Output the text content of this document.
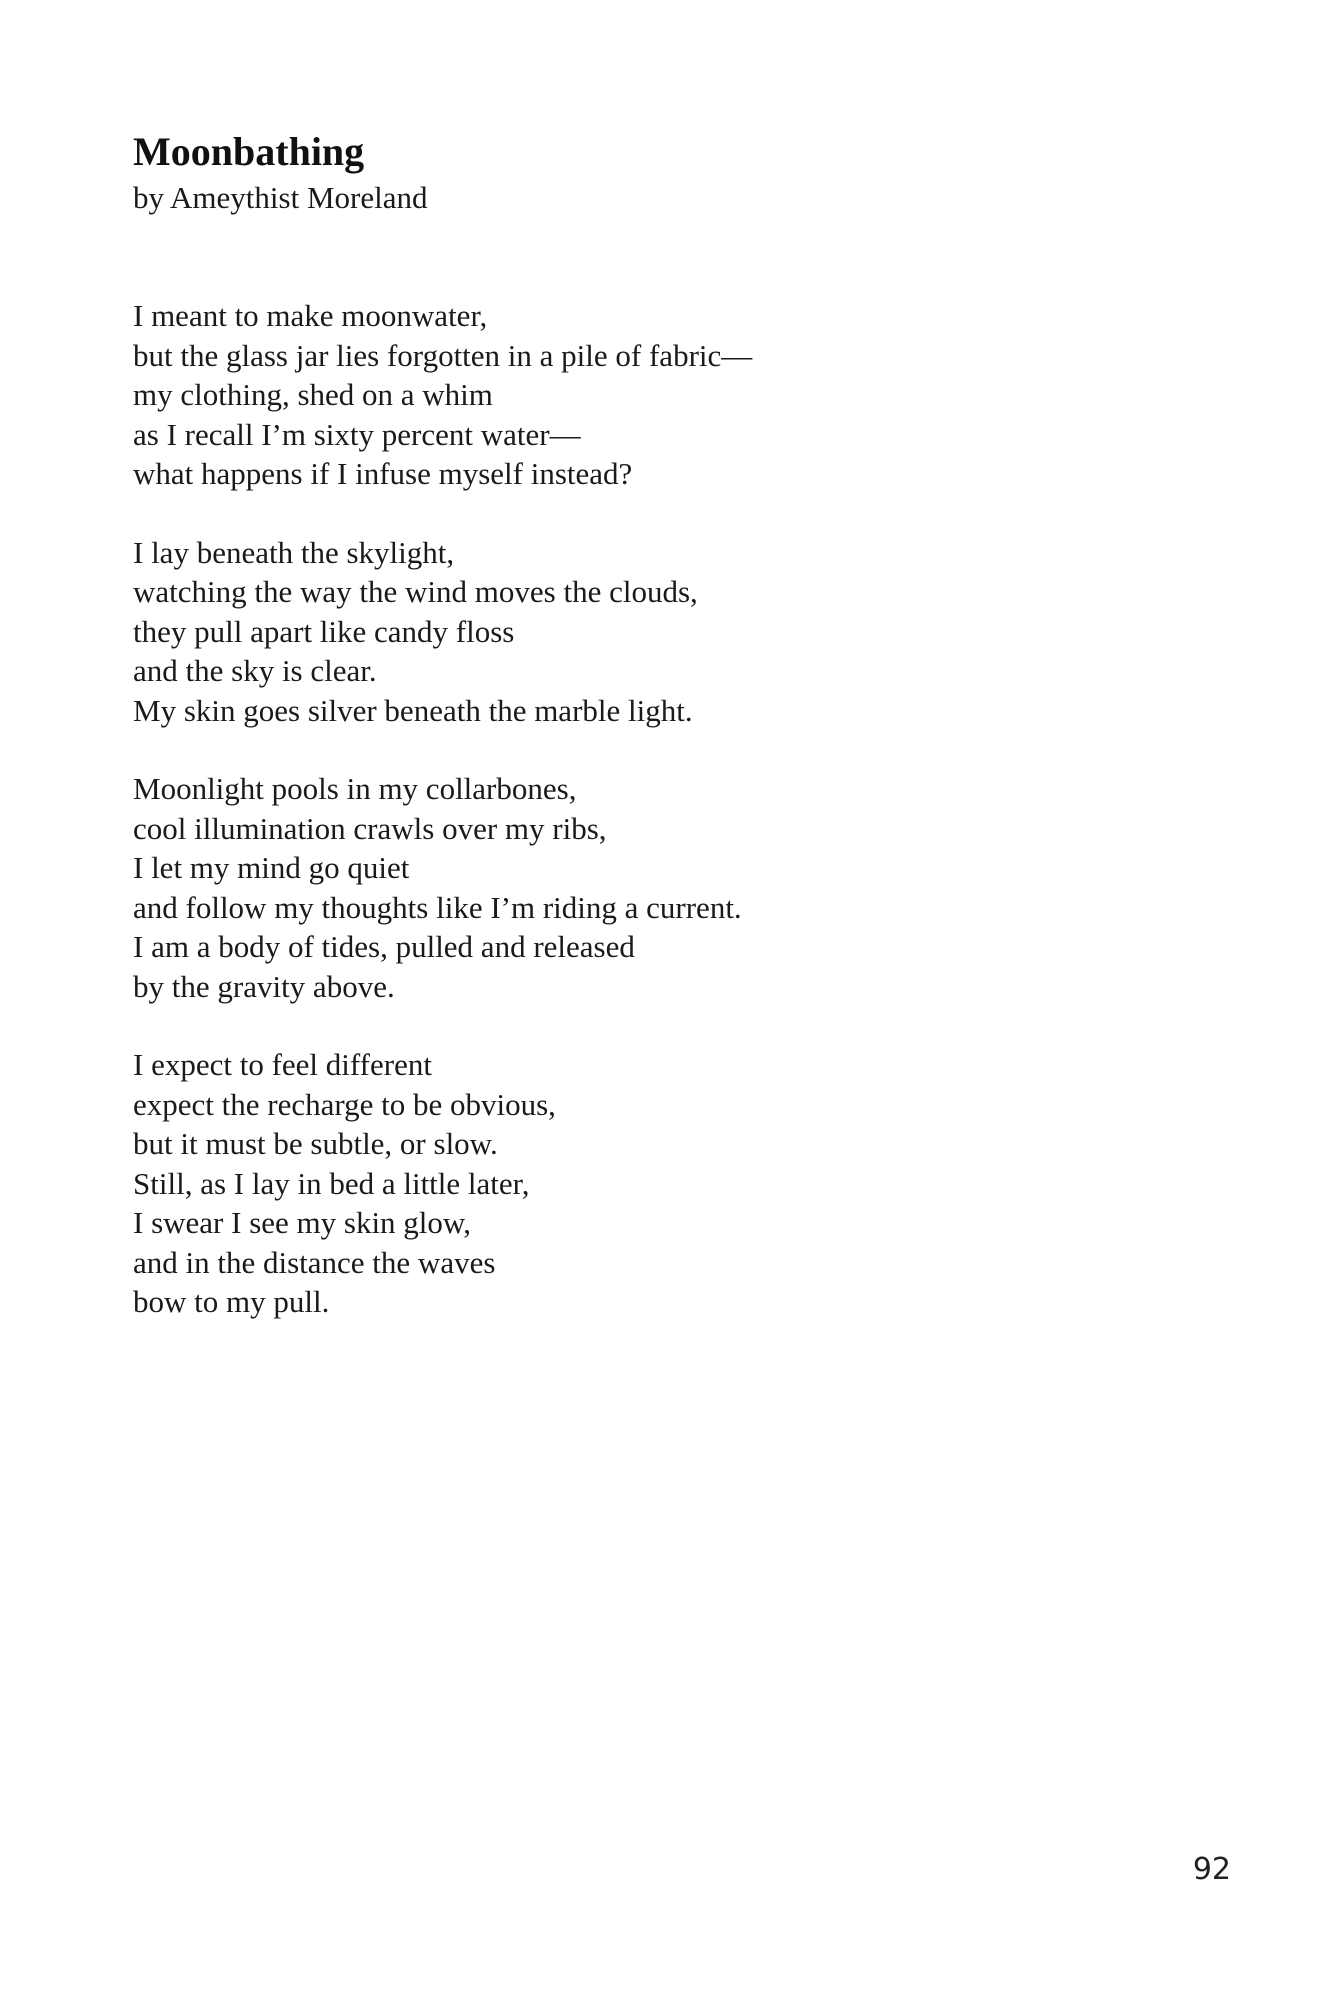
Moonbathing

by Ameythist Moreland

I meant to make moonwater,
but the glass jar lies forgotten in a pile of fabric—
my clothing, shed on a whim
as I recall I’m sixty percent water—
what happens if I infuse myself instead?
I lay beneath the skylight,
watching the way the wind moves the clouds,
they pull apart like candy floss
and the sky is clear.
My skin goes silver beneath the marble light.
Moonlight pools in my collarbones,
cool illumination crawls over my ribs,
I let my mind go quiet
and follow my thoughts like I’m riding a current.
I am a body of tides, pulled and released
by the gravity above.
I expect to feel different
expect the recharge to be obvious,
but it must be subtle, or slow.
Still, as I lay in bed a little later,
I swear I see my skin glow,
and in the distance the waves
bow to my pull.
92
